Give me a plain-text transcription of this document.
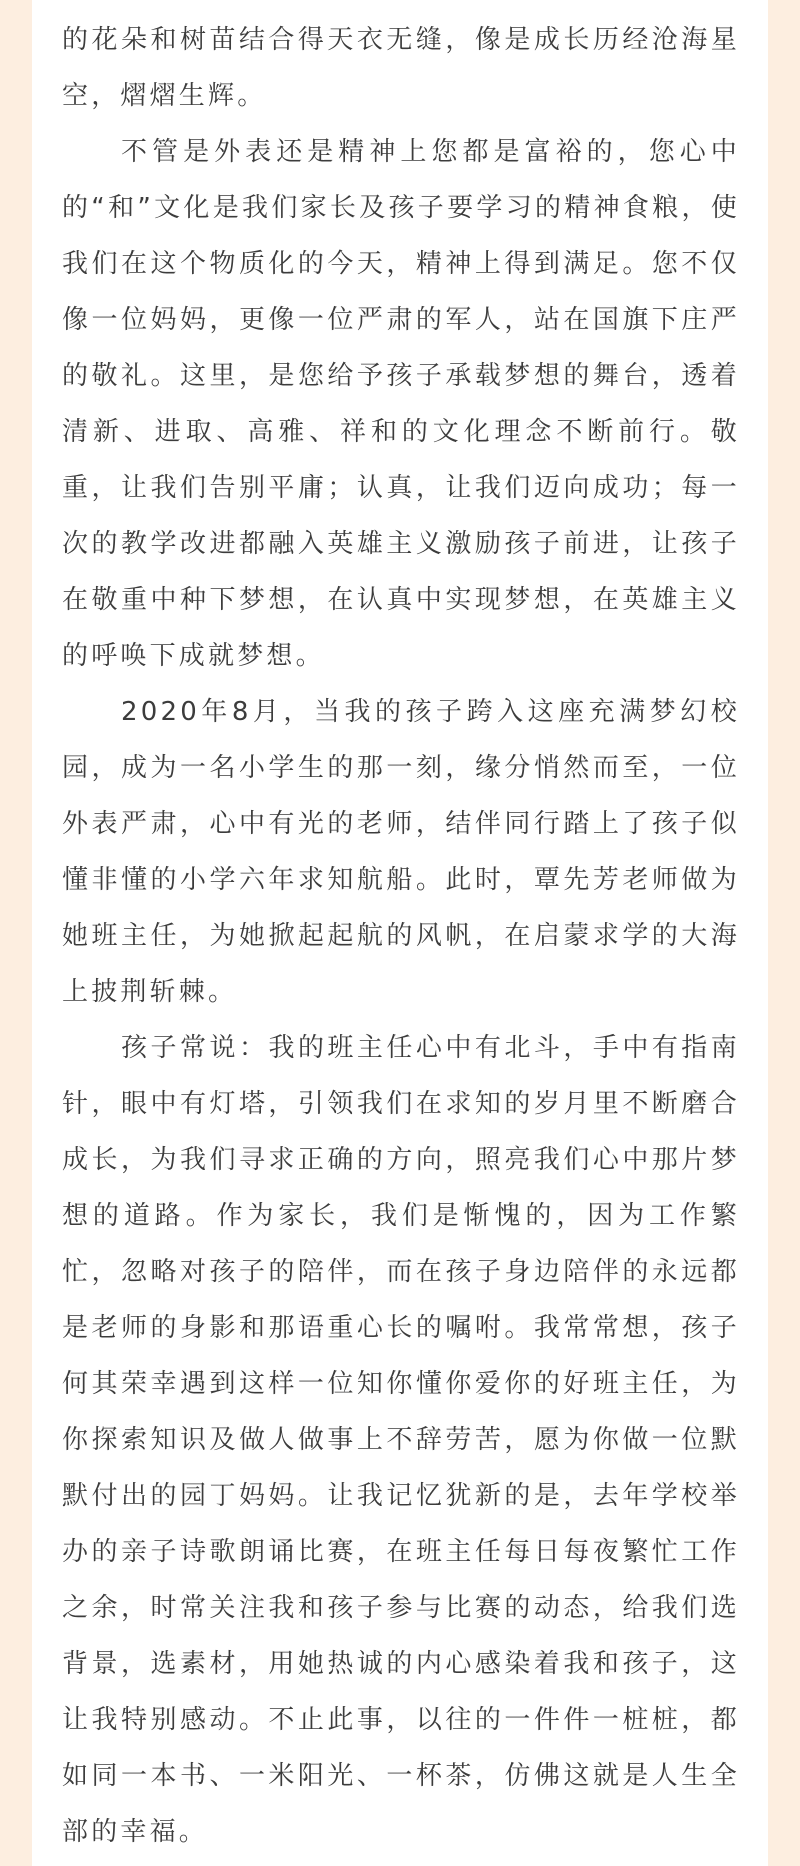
的花朵和树苗结合得天衣无缝，像是成长历经沧海星空，熠熠生辉。

不管是外表还是精神上您都是富裕的，您心中的“和”文化是我们家长及孩子要学习的精神食粮，使我们在这个物质化的今天，精神上得到满足。您不仅像一位妈妈，更像一位严肃的军人，站在国旗下庄严的敬礼。这里，是您给予孩子承载梦想的舞台，透着清新、进取、高雅、祥和的文化理念不断前行。敬重，让我们告别平庸；认真，让我们迈向成功；每一次的教学改进都融入英雄主义激励孩子前进，让孩子在敬重中种下梦想，在认真中实现梦想，在英雄主义的呼唤下成就梦想。

2020年8月，当我的孩子跨入这座充满梦幻校园，成为一名小学生的那一刻，缘分悄然而至，一位外表严肃，心中有光的老师，结伴同行踏上了孩子似懂非懂的小学六年求知航船。此时，覃先芳老师做为她班主任，为她掀起起航的风帆，在启蒙求学的大海上披荆斩棘。

孩子常说：我的班主任心中有北斗，手中有指南针，眼中有灯塔，引领我们在求知的岁月里不断磨合成长，为我们寻求正确的方向，照亮我们心中那片梦想的道路。作为家长，我们是惭愧的，因为工作繁忙，忽略对孩子的陪伴，而在孩子身边陪伴的永远都是老师的身影和那语重心长的嘱咐。我常常想，孩子何其荣幸遇到这样一位知你懂你爱你的好班主任，为你探索知识及做人做事上不辞劳苦，愿为你做一位默默付出的园丁妈妈。让我记忆犹新的是，去年学校举办的亲子诗歌朗诵比赛，在班主任每日每夜繁忙工作之余，时常关注我和孩子参与比赛的动态，给我们选背景，选素材，用她热诚的内心感染着我和孩子，这让我特别感动。不止此事，以往的一件件一桩桩，都如同一本书、一米阳光、一杯茶，仿佛这就是人生全部的幸福。
